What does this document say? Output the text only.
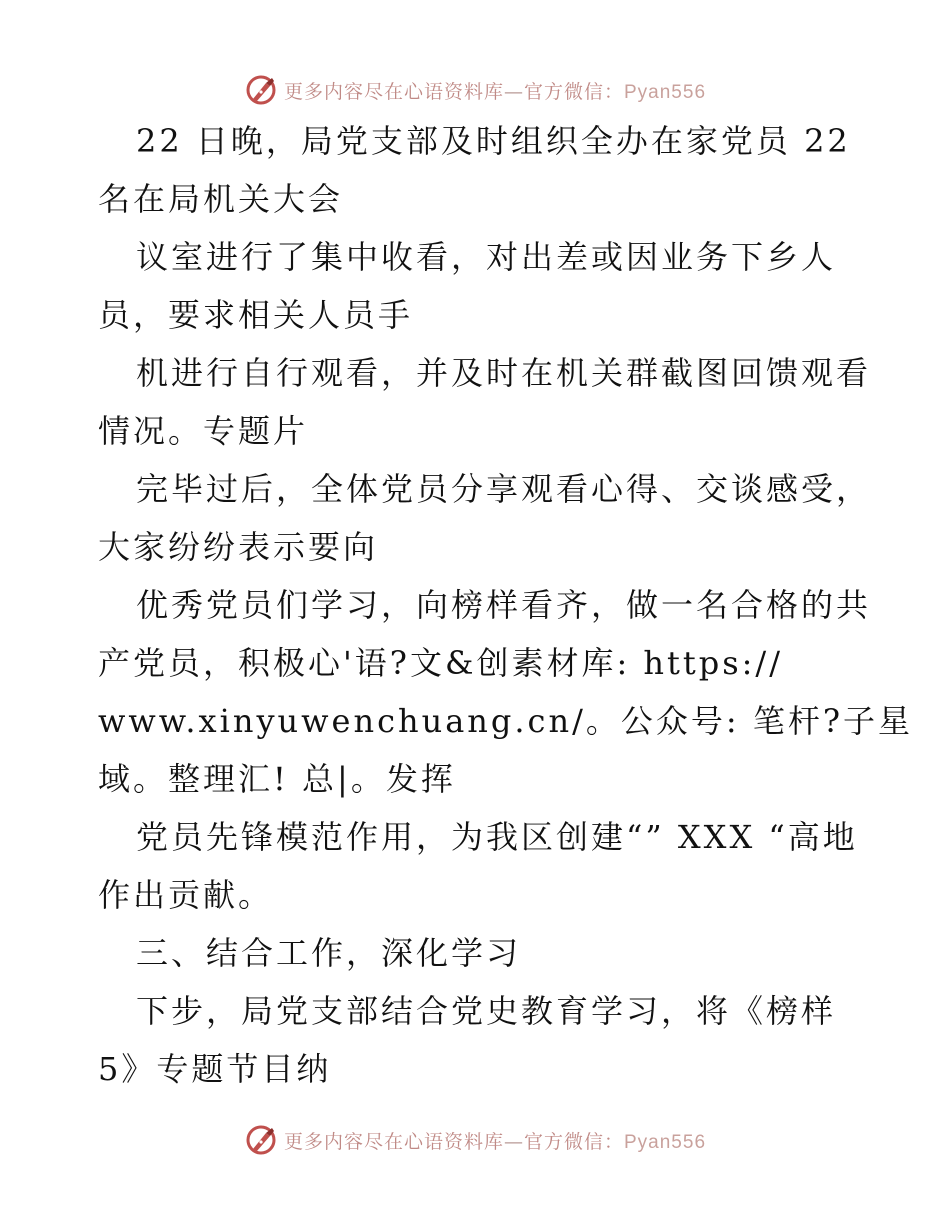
更多内容尽在心语资料库—官方微信：Pyan556
22 日晚，局党支部及时组织全办在家党员 22
名在局机关大会
议室进行了集中收看，对出差或因业务下乡人
员，要求相关人员手
机进行自行观看，并及时在机关群截图回馈观看
情况。专题片
完毕过后，全体党员分享观看心得、交谈感受，
大家纷纷表示要向
优秀党员们学习，向榜样看齐，做一名合格的共
产党员，积极心'语?文&创素材库: https://
www.xinyuwenchuang.cn/。公众号: 笔杆?子星
域。整理汇! 总|。发挥
党员先锋模范作用，为我区创建“” XXX “高地
作出贡献。
三、结合工作，深化学习
下步，局党支部结合党史教育学习，将《榜样
5》专题节目纳
更多内容尽在心语资料库—官方微信：Pyan556
